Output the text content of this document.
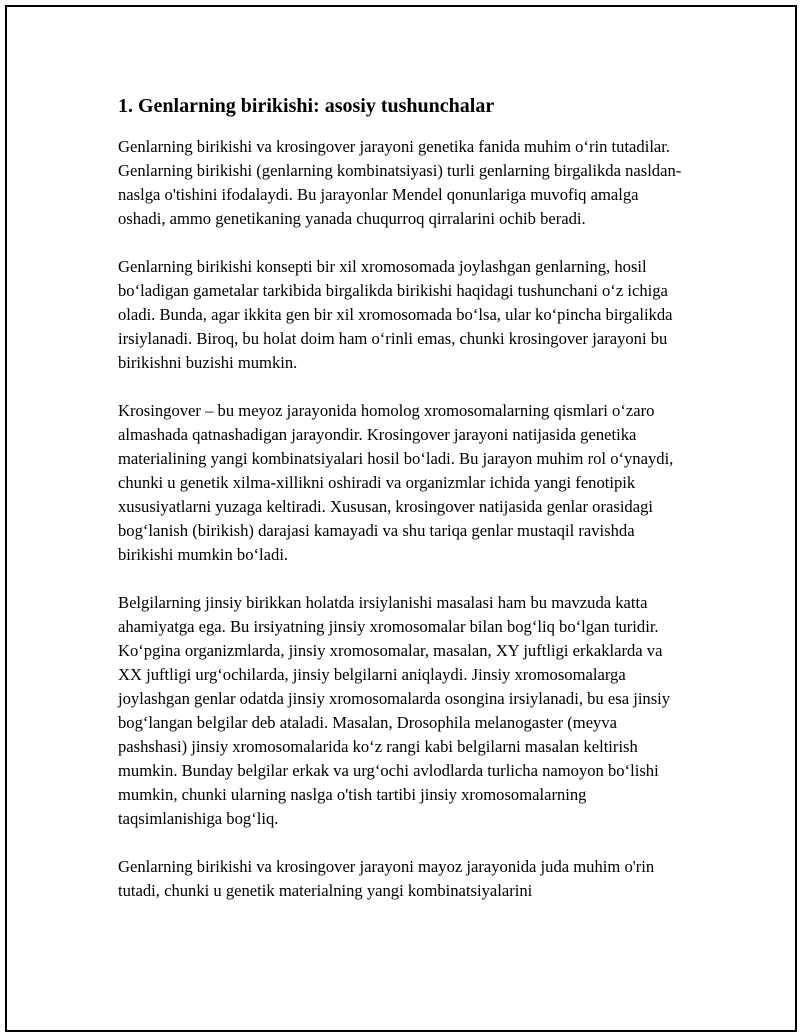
1. Genlarning birikishi: asosiy tushunchalar

Genlarning birikishi va krosingover jarayoni genetika fanida muhim o‘rin tutadilar. Genlarning birikishi (genlarning kombinatsiyasi) turli genlarning birgalikda nasldan-naslga o'tishini ifodalaydi. Bu jarayonlar Mendel qonunlariga muvofiq amalga oshadi, ammo genetikaning yanada chuqurroq qirralarini ochib beradi.

Genlarning birikishi konsepti bir xil xromosomada joylashgan genlarning, hosil bo‘ladigan gametalar tarkibida birgalikda birikishi haqidagi tushunchani o‘z ichiga oladi. Bunda, agar ikkita gen bir xil xromosomada bo‘lsa, ular ko‘pincha birgalikda irsiylanadi. Biroq, bu holat doim ham o‘rinli emas, chunki krosingover jarayoni bu birikishni buzishi mumkin.

Krosingover – bu meyoz jarayonida homolog xromosomalarning qismlari o‘zaro almashada qatnashadigan jarayondir. Krosingover jarayoni natijasida genetika materialining yangi kombinatsiyalari hosil bo‘ladi. Bu jarayon muhim rol o‘ynaydi, chunki u genetik xilma-xillikni oshiradi va organizmlar ichida yangi fenotipik xususiyatlarni yuzaga keltiradi. Xususan, krosingover natijasida genlar orasidagi bog‘lanish (birikish) darajasi kamayadi va shu tariqa genlar mustaqil ravishda birikishi mumkin bo‘ladi.

Belgilarning jinsiy birikkan holatda irsiylanishi masalasi ham bu mavzuda katta ahamiyatga ega. Bu irsiyatning jinsiy xromosomalar bilan bog‘liq bo‘lgan turidir. Ko‘pgina organizmlarda, jinsiy xromosomalar, masalan, XY juftligi erkaklarda va XX juftligi urg‘ochilarda, jinsiy belgilarni aniqlaydi. Jinsiy xromosomalarga joylashgan genlar odatda jinsiy xromosomalarda osongina irsiylanadi, bu esa jinsiy bog‘langan belgilar deb ataladi. Masalan, Drosophila melanogaster (meyva pashshasi) jinsiy xromosomalarida ko‘z rangi kabi belgilarni masalan keltirish mumkin. Bunday belgilar erkak va urg‘ochi avlodlarda turlicha namoyon bo‘lishi mumkin, chunki ularning naslga o'tish tartibi jinsiy xromosomalarning taqsimlanishiga bog‘liq.

Genlarning birikishi va krosingover jarayoni mayoz jarayonida juda muhim o'rin tutadi, chunki u genetik materialning yangi kombinatsiyalarini
